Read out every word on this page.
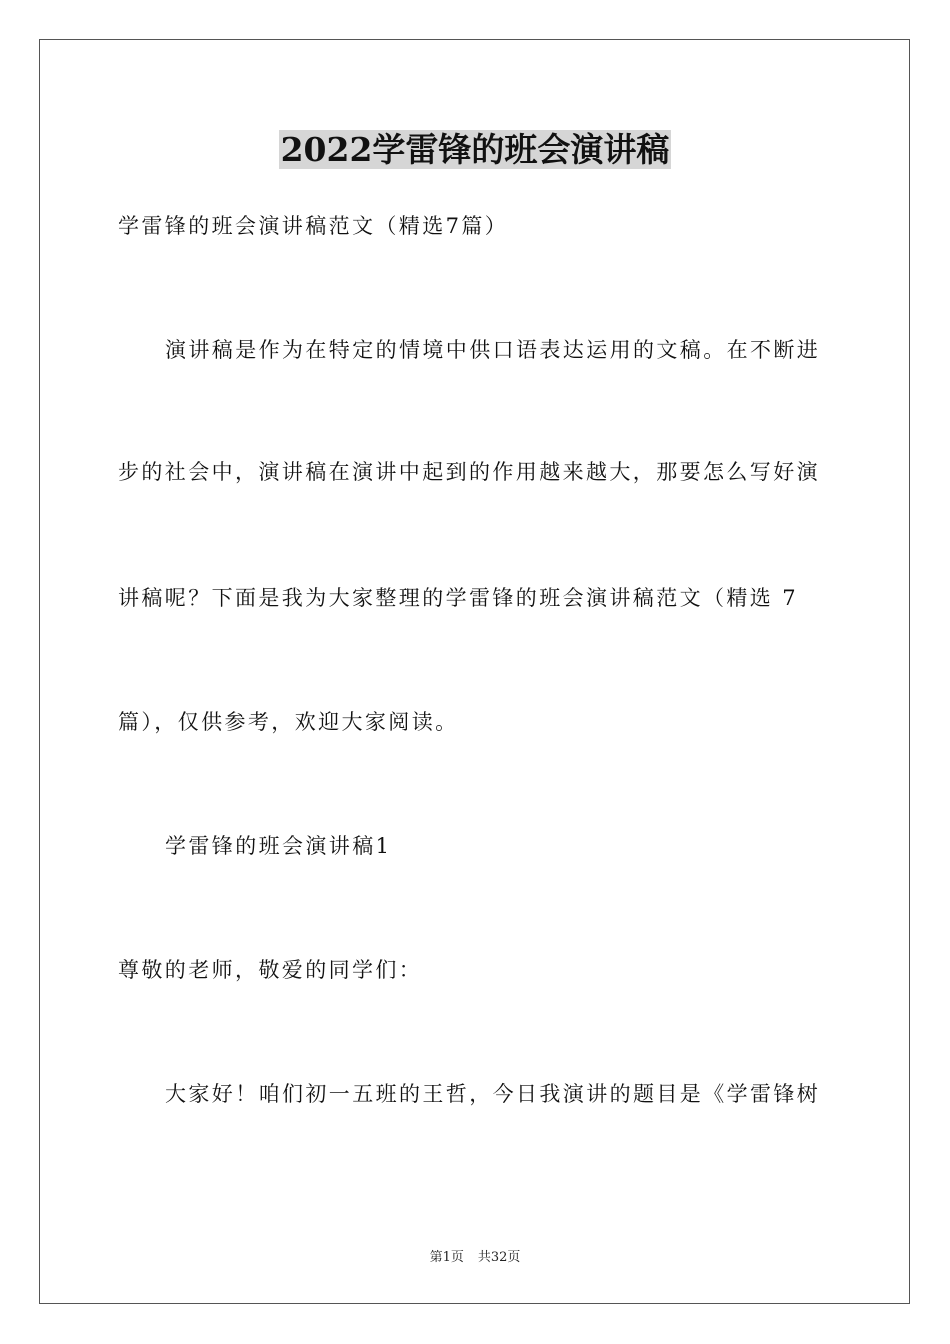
2022学雷锋的班会演讲稿
学雷锋的班会演讲稿范文（精选7篇）
演讲稿是作为在特定的情境中供口语表达运用的文稿。在不断进
步的社会中，演讲稿在演讲中起到的作用越来越大，那要怎么写好演
讲稿呢？下面是我为大家整理的学雷锋的班会演讲稿范文（精选 7
篇），仅供参考，欢迎大家阅读。
学雷锋的班会演讲稿1
尊敬的老师，敬爱的同学们：
大家好！咱们初一五班的王哲，今日我演讲的题目是《学雷锋树
第1页 共32页
